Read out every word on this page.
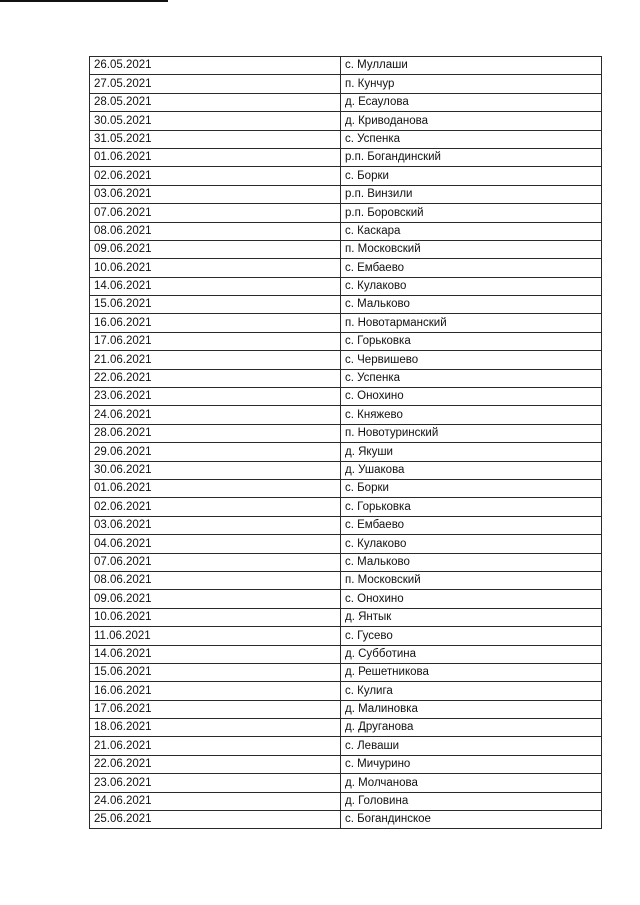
26.05.2021	с. Муллаши
27.05.2021	п. Кунчур
28.05.2021	д. Есаулова
30.05.2021	д. Криводанова
31.05.2021	с. Успенка
01.06.2021	р.п. Богандинский
02.06.2021	с. Борки
03.06.2021	р.п. Винзили
07.06.2021	р.п. Боровский
08.06.2021	с. Каскара
09.06.2021	п. Московский
10.06.2021	с. Ембаево
14.06.2021	с. Кулаково
15.06.2021	с. Мальково
16.06.2021	п. Новотарманский
17.06.2021	с. Горьковка
21.06.2021	с. Червишево
22.06.2021	с. Успенка
23.06.2021	с. Онохино
24.06.2021	с. Княжево
28.06.2021	п. Новотуринский
29.06.2021	д. Якуши
30.06.2021	д. Ушакова
01.06.2021	с. Борки
02.06.2021	с. Горьковка
03.06.2021	с. Ембаево
04.06.2021	с. Кулаково
07.06.2021	с. Мальково
08.06.2021	п. Московский
09.06.2021	с. Онохино
10.06.2021	д. Янтык
11.06.2021	с. Гусево
14.06.2021	д. Субботина
15.06.2021	д. Решетникова
16.06.2021	с. Кулига
17.06.2021	д. Малиновка
18.06.2021	д. Друганова
21.06.2021	с. Леваши
22.06.2021	с. Мичурино
23.06.2021	д. Молчанова
24.06.2021	д. Головина
25.06.2021	с. Богандинское
